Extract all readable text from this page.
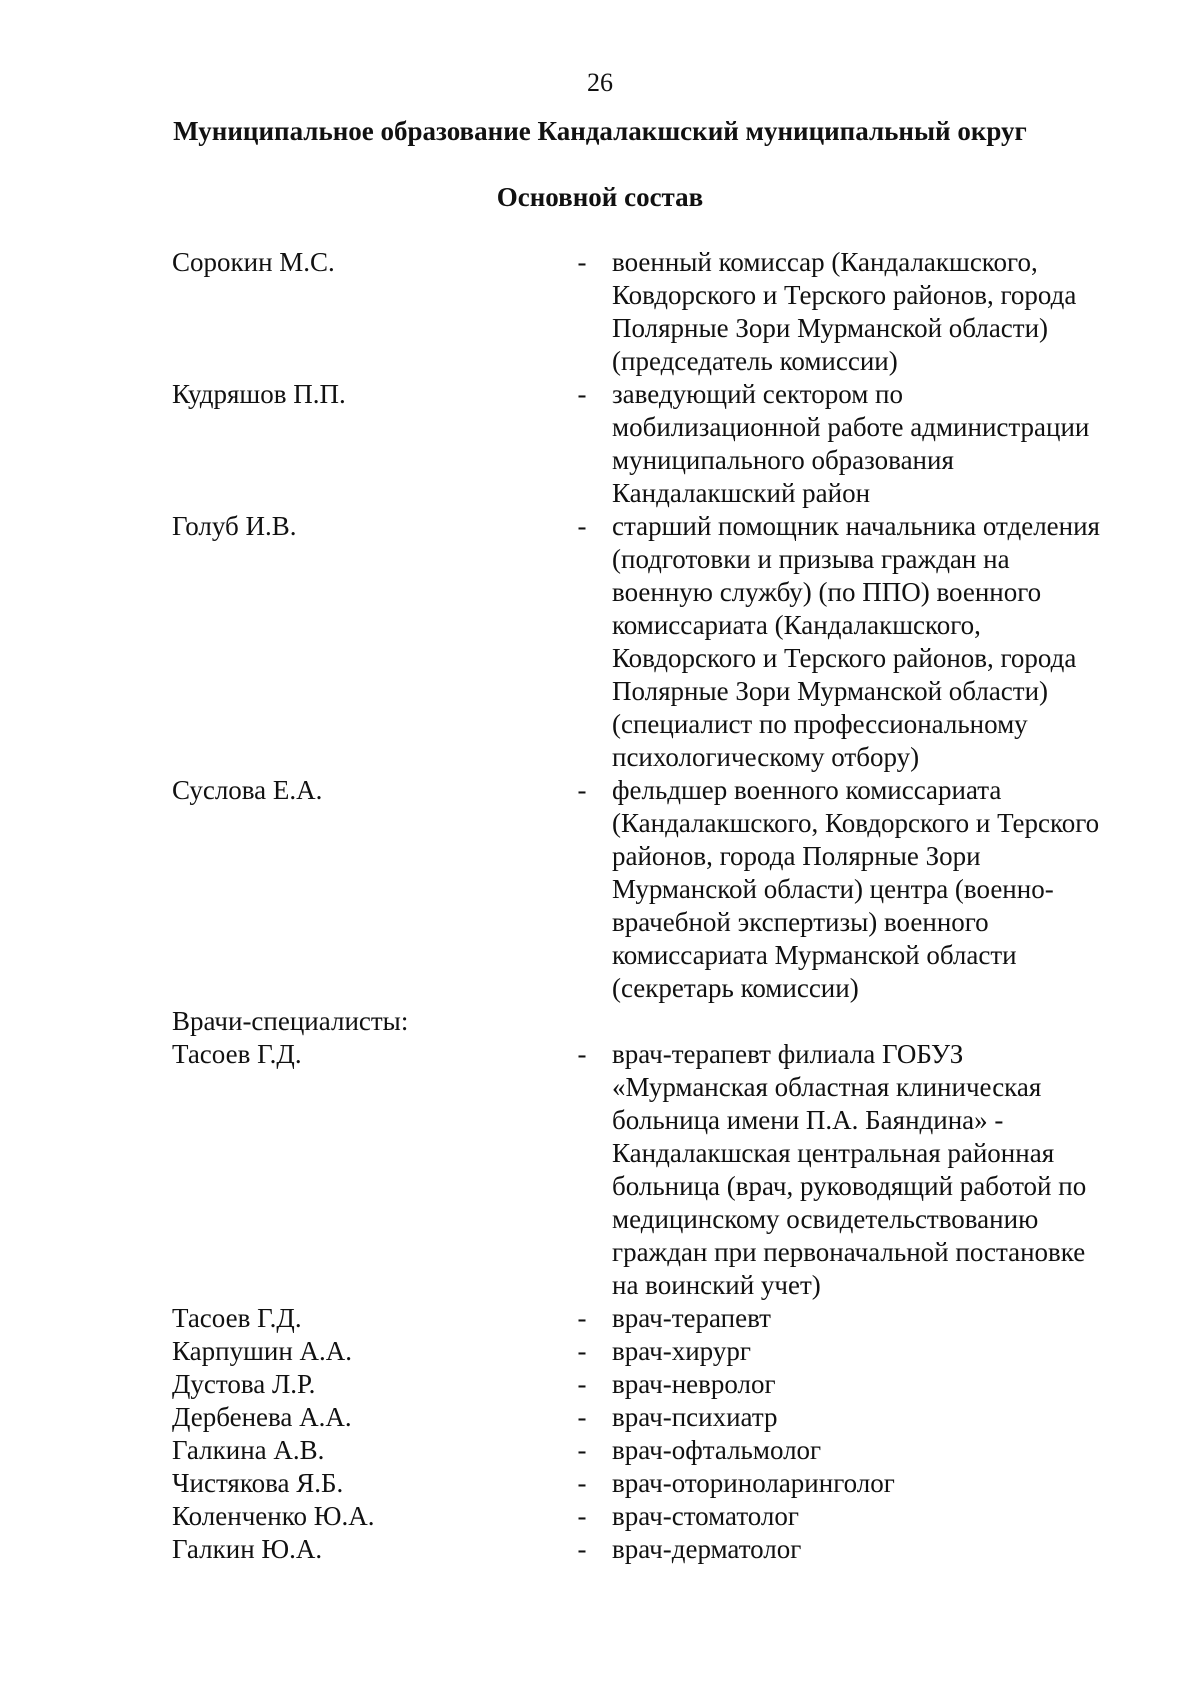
26
Муниципальное образование Кандалакшский муниципальный округ
Основной состав
Сорокин М.С.	- военный комиссар (Кандалакшского,
Ковдорского и Терского районов, города
Полярные Зори Мурманской области)
(председатель комиссии)
Кудряшов П.П.	- заведующий сектором по
мобилизационной работе администрации
муниципального образования
Кандалакшский район
Голуб И.В.	- старший помощник начальника отделения
(подготовки и призыва граждан на
военную службу) (по ППО) военного
комиссариата (Кандалакшского,
Ковдорского и Терского районов, города
Полярные Зори Мурманской области)
(специалист по профессиональному
психологическому отбору)
Суслова Е.А.	- фельдшер военного комиссариата
(Кандалакшского, Ковдорского и Терского
районов, города Полярные Зори
Мурманской области) центра (военно-
врачебной экспертизы) военного
комиссариата Мурманской области
(секретарь комиссии)
Врачи-специалисты:
Тасоев Г.Д.	- врач-терапевт филиала ГОБУЗ
«Мурманская областная клиническая
больница имени П.А. Баяндина» -
Кандалакшская центральная районная
больница (врач, руководящий работой по
медицинскому освидетельствованию
граждан при первоначальной постановке
на воинский учет)
Тасоев Г.Д.	- врач-терапевт
Карпушин А.А.	- врач-хирург
Дустова Л.Р.	- врач-невролог
Дербенева А.А.	- врач-психиатр
Галкина А.В.	- врач-офтальмолог
Чистякова Я.Б.	- врач-оториноларинголог
Коленченко Ю.А.	- врач-стоматолог
Галкин Ю.А.	- врач-дерматолог
